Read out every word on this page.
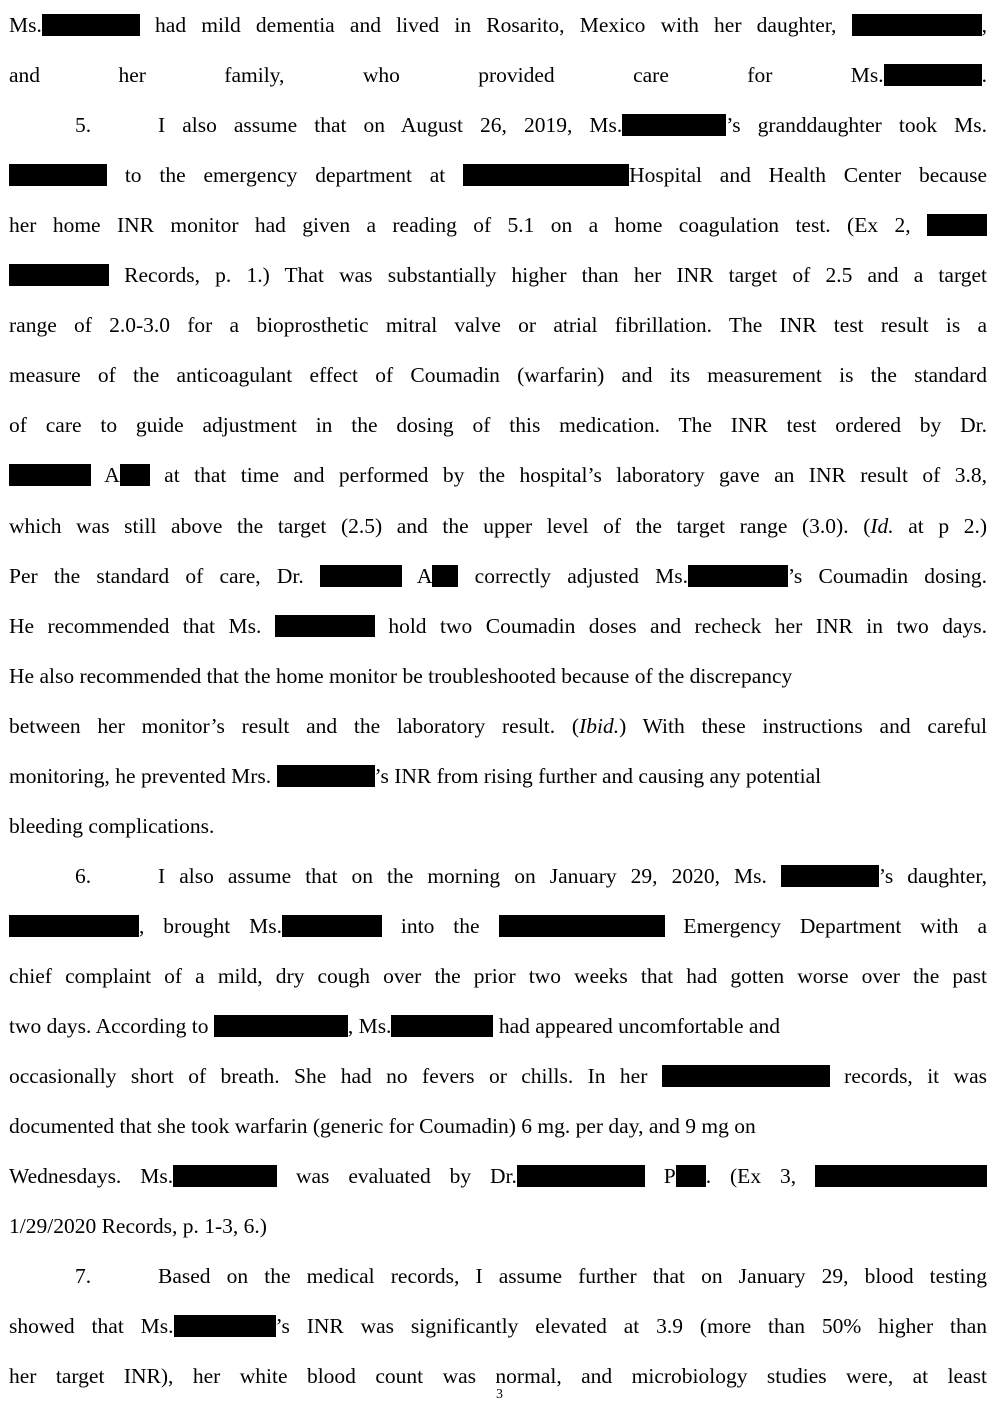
Ms.	had mild dementia and lived in Rosarito, Mexico with her daughter,	,
and her family, who provided care for Ms.	.
5.	I also assume that on August 26, 2019, Ms.	’s granddaughter took Ms.
to the emergency department at	Hospital and Health Center because
her home INR monitor had given a reading of 5.1 on a home coagulation test. (Ex 2,
Records, p. 1.) That was substantially higher than her INR target of 2.5 and a target
range of 2.0-3.0 for a bioprosthetic mitral valve or atrial fibrillation. The INR test result is a
measure of the anticoagulant effect of Coumadin (warfarin) and its measurement is the standard
of care to guide adjustment in the dosing of this medication. The INR test ordered by Dr.
A at that time and performed by the hospital’s laboratory gave an INR result of 3.8,
which was still above the target (2.5) and the upper level of the target range (3.0). (Id. at p 2.)
Per the standard of care, Dr.	A correctly adjusted Ms.	’s Coumadin dosing.
He recommended that Ms.	hold two Coumadin doses and recheck her INR in two days.
He also recommended that the home monitor be troubleshooted because of the discrepancy
between her monitor’s result and the laboratory result. (Ibid.) With these instructions and careful
monitoring, he prevented Mrs.	’s INR from rising further and causing any potential
bleeding complications.
6.	I also assume that on the morning on January 29, 2020, Ms.	’s daughter,
, brought Ms.	into the	Emergency Department with a
chief complaint of a mild, dry cough over the prior two weeks that had gotten worse over the past
two days. According to	, Ms.	had appeared uncomfortable and
occasionally short of breath. She had no fevers or chills. In her	records, it was
documented that she took warfarin (generic for Coumadin) 6 mg. per day, and 9 mg on
Wednesdays. Ms.	was evaluated by Dr.	P . (Ex 3,
1/29/2020 Records, p. 1-3, 6.)
7.	Based on the medical records, I assume further that on January 29, blood testing
showed that Ms.	’s INR was significantly elevated at 3.9 (more than 50% higher than
her target INR), her white blood count was normal, and microbiology studies were, at least
3
